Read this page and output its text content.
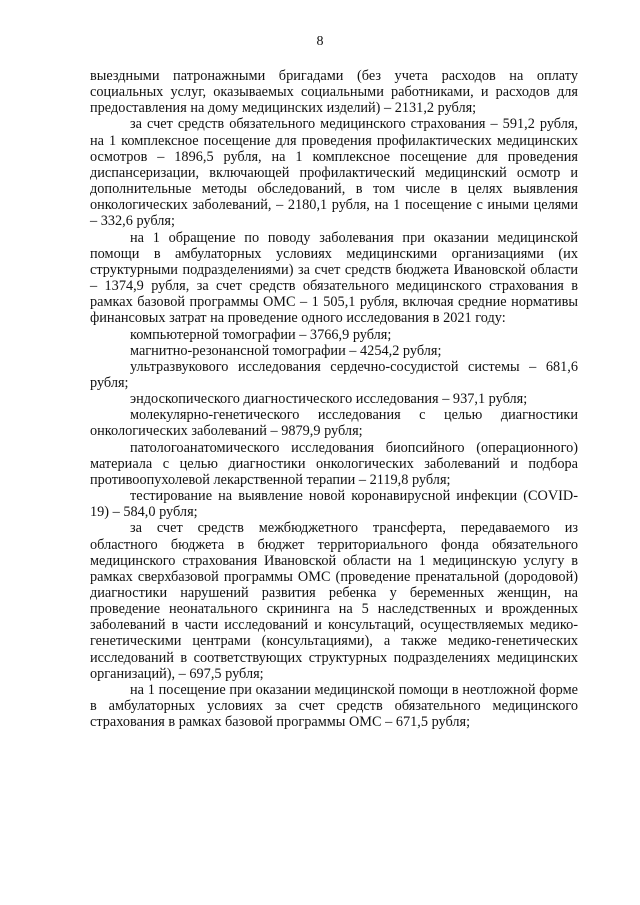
8

выездными патронажными бригадами (без учета расходов на оплату социальных услуг, оказываемых социальными работниками, и расходов для предоставления на дому медицинских изделий) – 2131,2 рубля;

за счет средств обязательного медицинского страхования – 591,2 рубля, на 1 комплексное посещение для проведения профилактических медицинских осмотров – 1896,5 рубля, на 1 комплексное посещение для проведения диспансеризации, включающей профилактический медицинский осмотр и дополнительные методы обследований, в том числе в целях выявления онкологических заболеваний, – 2180,1 рубля, на 1 посещение с иными целями – 332,6 рубля;

на 1 обращение по поводу заболевания при оказании медицинской помощи в амбулаторных условиях медицинскими организациями (их структурными подразделениями) за счет средств бюджета Ивановской области – 1374,9 рубля, за счет средств обязательного медицинского страхования в рамках базовой программы ОМС – 1 505,1 рубля, включая средние нормативы финансовых затрат на проведение одного исследования в 2021 году:

компьютерной томографии – 3766,9 рубля;

магнитно-резонансной томографии – 4254,2 рубля;

ультразвукового исследования сердечно-сосудистой системы – 681,6 рубля;

эндоскопического диагностического исследования – 937,1 рубля;

молекулярно-генетического исследования с целью диагностики онкологических заболеваний – 9879,9 рубля;

патологоанатомического исследования биопсийного (операционного) материала с целью диагностики онкологических заболеваний и подбора противоопухолевой лекарственной терапии – 2119,8 рубля;

тестирование на выявление новой коронавирусной инфекции (COVID-19) – 584,0 рубля;

за счет средств межбюджетного трансферта, передаваемого из областного бюджета в бюджет территориального фонда обязательного медицинского страхования Ивановской области на 1 медицинскую услугу в рамках сверхбазовой программы ОМС (проведение пренатальной (дородовой) диагностики нарушений развития ребенка у беременных женщин, на проведение неонатального скрининга на 5 наследственных и врожденных заболеваний в части исследований и консультаций, осуществляемых медико-генетическими центрами (консультациями), а также медико-генетических исследований в соответствующих структурных подразделениях медицинских организаций), – 697,5 рубля;

на 1 посещение при оказании медицинской помощи в неотложной форме в амбулаторных условиях за счет средств обязательного медицинского страхования в рамках базовой программы ОМС – 671,5 рубля;
